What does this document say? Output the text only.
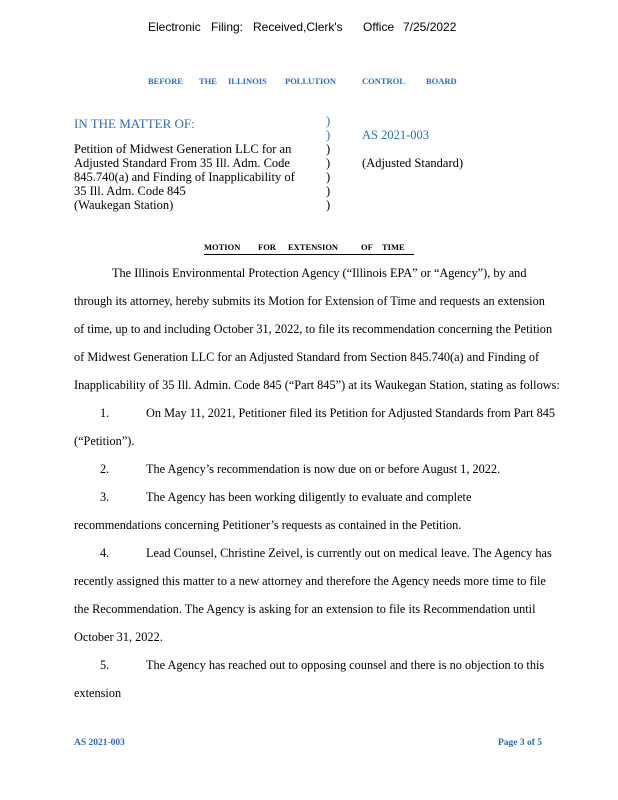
Electronic Filing: Received,Clerk's Office 7/25/2022
BEFORE THE ILLINOIS POLLUTION	CONTROL BOARD
IN THE MATTER OF:
Petition of Midwest Generation LLC for an
Adjusted Standard From 35 Ill. Adm. Code
845.740(a) and Finding of Inapplicability of
35 Ill. Adm. Code 845
(Waukegan Station)
)
)
)
)
)
)
)
AS 2021-003
(Adjusted Standard)
MOTION FOR EXTENSION	OF TIME
The Illinois Environmental Protection Agency (“Illinois EPA” or “Agency”), by and
through its attorney, hereby submits its Motion for Extension of Time and requests an extension
of time, up to and including October 31, 2022, to file its recommendation concerning the Petition
of Midwest Generation LLC for an Adjusted Standard from Section 845.740(a) and Finding of
Inapplicability of 35 Ill. Admin. Code 845 (“Part 845”) at its Waukegan Station, stating as follows:
1.	On May 11, 2021, Petitioner filed its Petition for Adjusted Standards from Part 845
(“Petition”).
2.	The Agency’s recommendation is now due on or before August 1, 2022.
3.	The Agency has been working diligently to evaluate and complete
recommendations concerning Petitioner’s requests as contained in the Petition.
4.	Lead Counsel, Christine Zeivel, is currently out on medical leave. The Agency has
recently assigned this matter to a new attorney and therefore the Agency needs more time to file
the Recommendation. The Agency is asking for an extension to file its Recommendation until
October 31, 2022.
5.	The Agency has reached out to opposing counsel and there is no objection to this
extension
AS 2021-003	Page 3 of 5
